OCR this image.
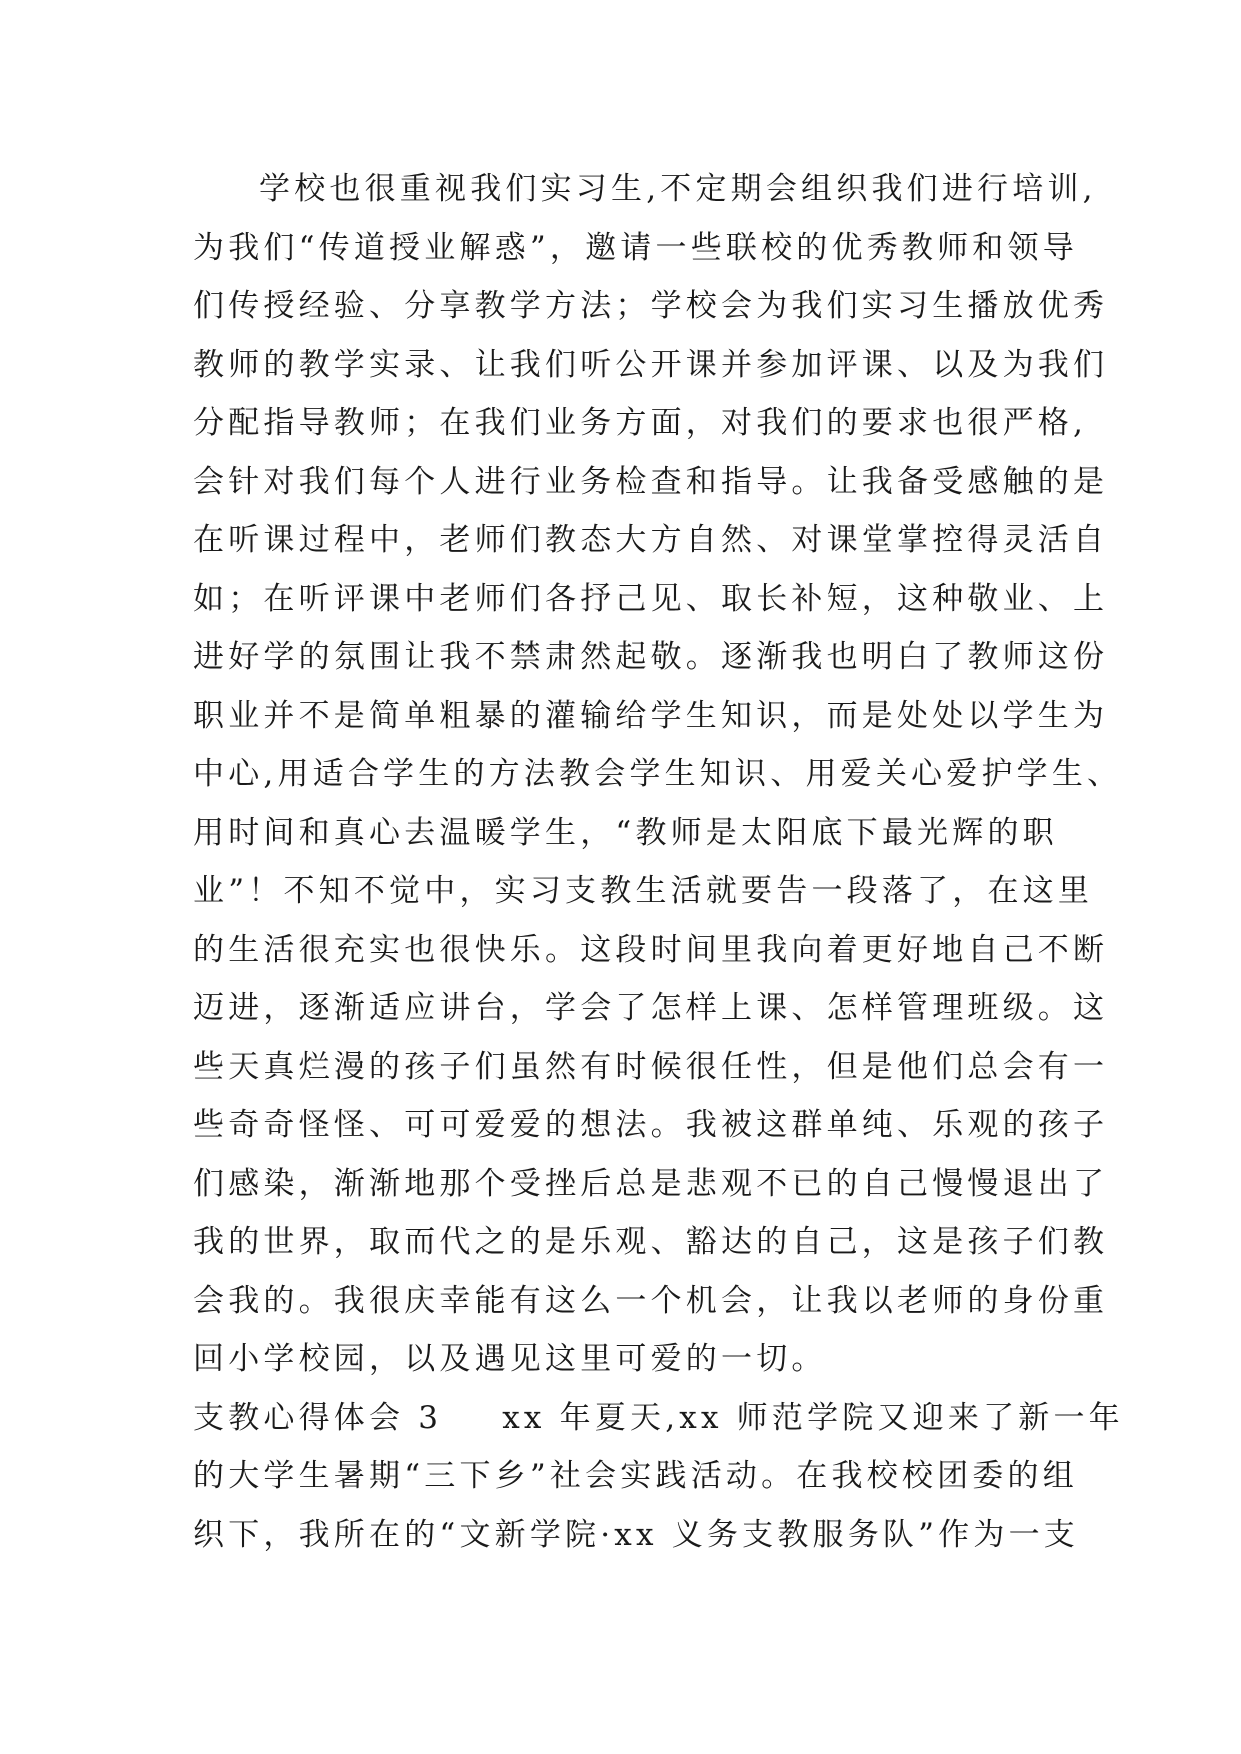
学校也很重视我们实习生,不定期会组织我们进行培训,
为我们“传道授业解惑”，邀请一些联校的优秀教师和领导
们传授经验、分享教学方法；学校会为我们实习生播放优秀
教师的教学实录、让我们听公开课并参加评课、以及为我们
分配指导教师；在我们业务方面，对我们的要求也很严格,
会针对我们每个人进行业务检查和指导。让我备受感触的是
在听课过程中，老师们教态大方自然、对课堂掌控得灵活自
如；在听评课中老师们各抒己见、取长补短，这种敬业、上
进好学的氛围让我不禁肃然起敬。逐渐我也明白了教师这份
职业并不是简单粗暴的灌输给学生知识，而是处处以学生为
中心,用适合学生的方法教会学生知识、用爱关心爱护学生、
用时间和真心去温暖学生，“教师是太阳底下最光辉的职
业”！不知不觉中，实习支教生活就要告一段落了，在这里
的生活很充实也很快乐。这段时间里我向着更好地自己不断
迈进，逐渐适应讲台，学会了怎样上课、怎样管理班级。这
些天真烂漫的孩子们虽然有时候很任性，但是他们总会有一
些奇奇怪怪、可可爱爱的想法。我被这群单纯、乐观的孩子
们感染，渐渐地那个受挫后总是悲观不已的自己慢慢退出了
我的世界，取而代之的是乐观、豁达的自己，这是孩子们教
会我的。我很庆幸能有这么一个机会，让我以老师的身份重
回小学校园，以及遇见这里可爱的一切。
支教心得体会 3 xx 年夏天,xx 师范学院又迎来了新一年
的大学生暑期“三下乡”社会实践活动。在我校校团委的组
织下，我所在的“文新学院·xx 义务支教服务队”作为一支
